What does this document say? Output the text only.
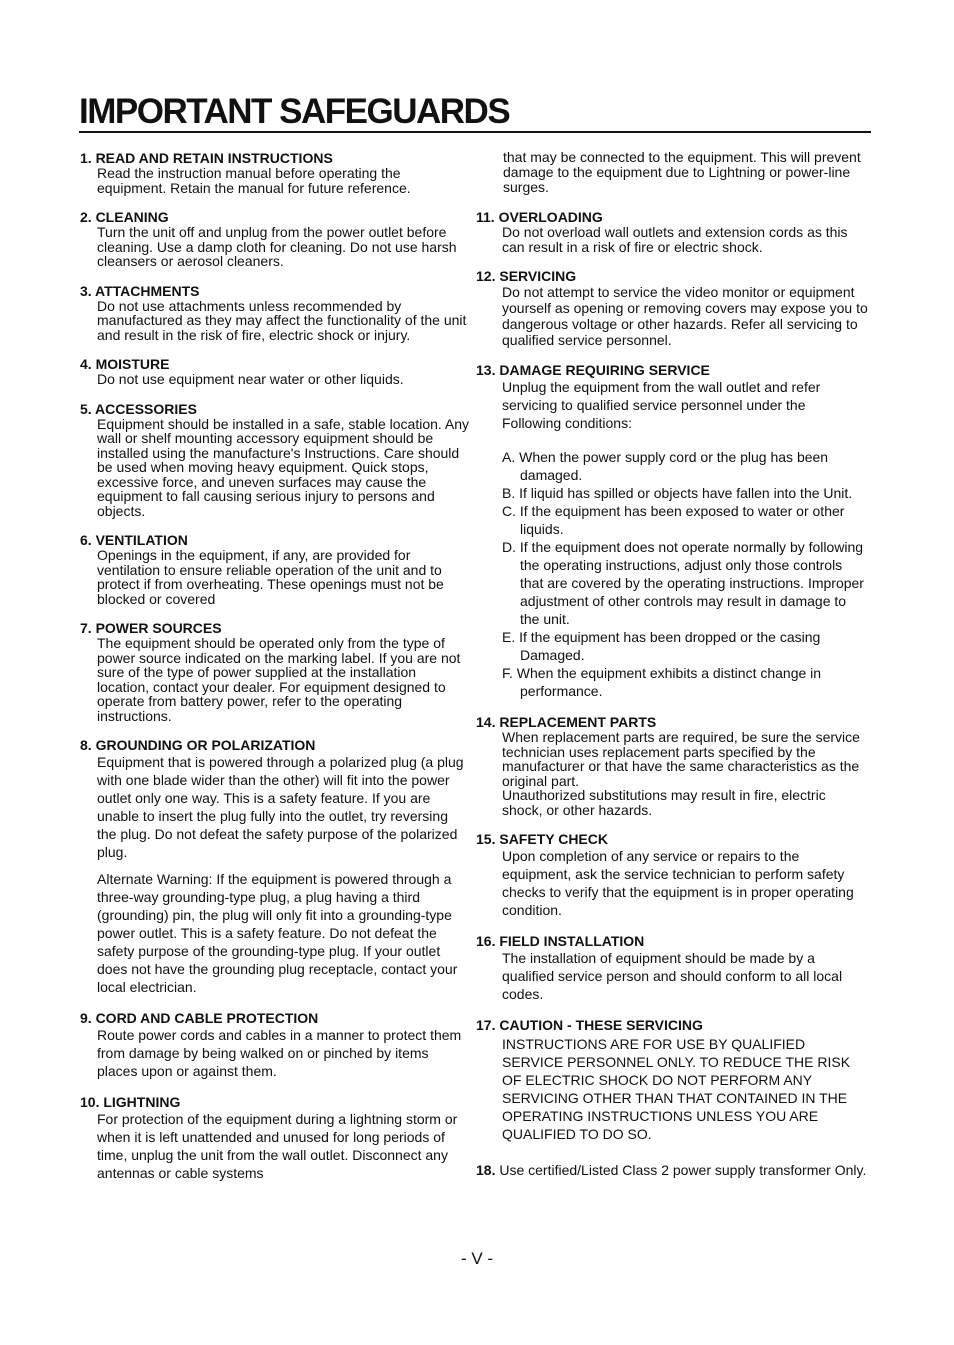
IMPORTANT SAFEGUARDS
1. READ AND RETAIN INSTRUCTIONS
Read the instruction manual before operating the equipment. Retain the manual for future reference.
2. CLEANING
Turn the unit off and unplug from the power outlet before cleaning. Use a damp cloth for cleaning. Do not use harsh cleansers or aerosol cleaners.
3. ATTACHMENTS
Do not use attachments unless recommended by manufactured as they may affect the functionality of the unit and result in the risk of fire, electric shock or injury.
4. MOISTURE
Do not use equipment near water or other liquids.
5. ACCESSORIES
Equipment should be installed in a safe, stable location. Any wall or shelf mounting accessory equipment should be installed using the manufacture's Instructions. Care should be used when moving heavy equipment. Quick stops, excessive force, and uneven surfaces may cause the equipment to fall causing serious injury to persons and objects.
6. VENTILATION
Openings in the equipment, if any, are provided for ventilation to ensure reliable operation of the unit and to protect if from overheating. These openings must not be blocked or covered
7. POWER SOURCES
The equipment should be operated only from the type of power source indicated on the marking label. If you are not sure of the type of power supplied at the installation location, contact your dealer. For equipment designed to operate from battery power, refer to the operating instructions.
8. GROUNDING OR POLARIZATION
Equipment that is powered through a polarized plug (a plug with one blade wider than the other) will fit into the power outlet only one way. This is a safety feature. If you are unable to insert the plug fully into the outlet, try reversing the plug. Do not defeat the safety purpose of the polarized plug.
Alternate Warning: If the equipment is powered through a three-way grounding-type plug, a plug having a third (grounding) pin, the plug will only fit into a grounding-type power outlet. This is a safety feature. Do not defeat the safety purpose of the grounding-type plug. If your outlet does not have the grounding plug receptacle, contact your local electrician.
9. CORD AND CABLE PROTECTION
Route power cords and cables in a manner to protect them from damage by being walked on or pinched by items places upon or against them.
10. LIGHTNING
For protection of the equipment during a lightning storm or when it is left unattended and unused for long periods of time, unplug the unit from the wall outlet. Disconnect any antennas or cable systems
that may be connected to the equipment. This will prevent damage to the equipment due to Lightning or power-line surges.
11. OVERLOADING
Do not overload wall outlets and extension cords as this can result in a risk of fire or electric shock.
12. SERVICING
Do not attempt to service the video monitor or equipment yourself as opening or removing covers may expose you to dangerous voltage or other hazards. Refer all servicing to qualified service personnel.
13. DAMAGE REQUIRING SERVICE
Unplug the equipment from the wall outlet and refer servicing to qualified service personnel under the Following conditions:
A. When the power supply cord or the plug has been damaged.
B. If liquid has spilled or objects have fallen into the Unit.
C. If the equipment has been exposed to water or other liquids.
D. If the equipment does not operate normally by following the operating instructions, adjust only those controls that are covered by the operating instructions. Improper adjustment of other controls may result in damage to the unit.
E. If the equipment has been dropped or the casing Damaged.
F. When the equipment exhibits a distinct change in performance.
14. REPLACEMENT PARTS
When replacement parts are required, be sure the service technician uses replacement parts specified by the manufacturer or that have the same characteristics as the original part.
Unauthorized substitutions may result in fire, electric shock, or other hazards.
15. SAFETY CHECK
Upon completion of any service or repairs to the equipment, ask the service technician to perform safety checks to verify that the equipment is in proper operating condition.
16. FIELD INSTALLATION
The installation of equipment should be made by a qualified service person and should conform to all local codes.
17. CAUTION - THESE SERVICING
INSTRUCTIONS ARE FOR USE BY QUALIFIED SERVICE PERSONNEL ONLY. TO REDUCE THE RISK OF ELECTRIC SHOCK DO NOT PERFORM ANY SERVICING OTHER THAN THAT CONTAINED IN THE OPERATING INSTRUCTIONS UNLESS YOU ARE QUALIFIED TO DO SO.
18. Use certified/Listed Class 2 power supply transformer Only.
- V -
